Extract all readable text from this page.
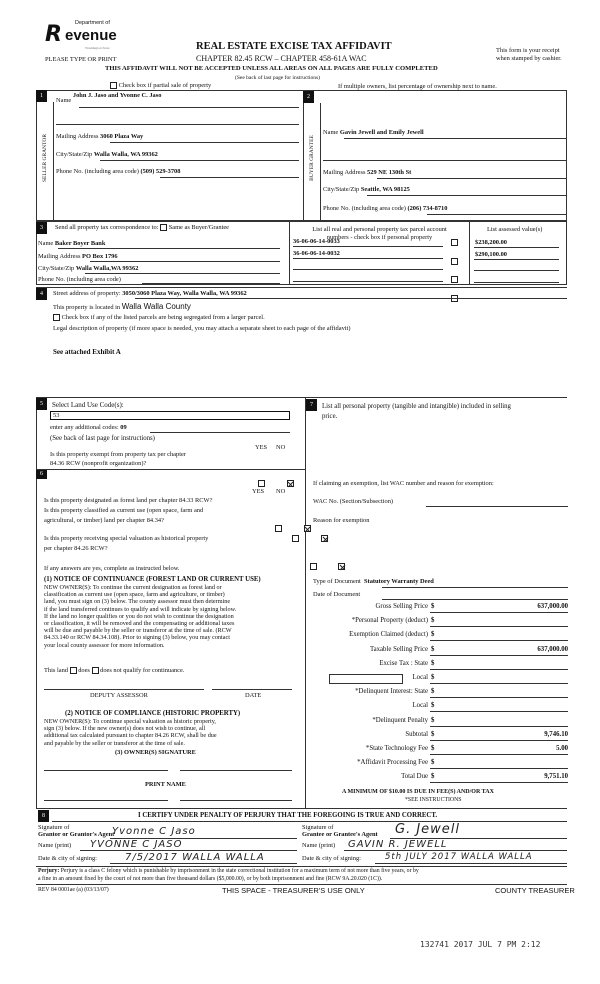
R Department of
evenue
Washington State
PLEASE TYPE OR PRINT
REAL ESTATE EXCISE TAX AFFIDAVIT
CHAPTER 82.45 RCW – CHAPTER 458-61A WAC
This form is your receipt
when stamped by cashier.
THIS AFFIDAVIT WILL NOT BE ACCEPTED UNLESS ALL AREAS ON ALL PAGES ARE FULLY COMPLETED
(See back of last page for instructions)
Check box if partial sale of property	If multiple owners, list percentage of ownership next to name.
1	2
SELLER GRANTOR	BUYER GRANTEE
Name John J. Jaso and Yvonne C. Jaso
Mailing Address 3060 Plaza Way
City/State/Zip Walla Walla, WA 99362
Phone No. (including area code) (509) 529-3708
Name Gavin Jewell and Emily Jewell
Mailing Address 529 NE 130th St
City/State/Zip Seattle, WA 98125
Phone No. (including area code) (206) 734-8710
3	Send all property tax correspondence to: Same as Buyer/Grantee
Name Baker Boyer Bank
Mailing Address PO Box 1796
City/State/Zip Walla Walla,WA 99362
Phone No. (including area code)
List all real and personal property tax parcel account
numbers - check box if personal property
List assessed value(s)
36-06-06-14-0033	$238,200.00
36-06-06-14-0032	$290,100.00
4	Street address of property: 3050/3060 Plaza Way, Walla Walla, WA 99362
This property is located in Walla Walla County
Check box if any of the listed parcels are being segregated from a larger parcel.
Legal description of property (if more space is needed, you may attach a separate sheet to each page of the affidavit)
See attached Exhibit A
5	Select Land Use Code(s):
53
enter any additional codes: 09
(See back of last page for instructions)
YES NO
Is this property exempt from property tax per chapter
84.36 RCW (nonprofit organization)?

6
YES NO
Is this property designated as forest land per chapter 84.33 RCW?

Is this property classified as current use (open space, farm and
agricultural, or timber) land per chapter 84.34?

Is this property receiving special valuation as historical property
per chapter 84.26 RCW?

If any answers are yes, complete as instructed below.
(1) NOTICE OF CONTINUANCE (FOREST LAND OR CURRENT USE)
NEW OWNER(S): To continue the current designation as forest land or
classification as current use (open space, farm and agriculture, or timber)
land, you must sign on (3) below. The county assessor must then determine
if the land transferred continues to qualify and will indicate by signing below.
If the land no longer qualifies or you do not wish to continue the designation
or classification, it will be removed and the compensating or additional taxes
will be due and payable by the seller or transferor at the time of sale. (RCW
84.33.140 or RCW 84.34.108). Prior to signing (3) below, you may contact
your local county assessor for more information.
This land does does not qualify for continuance.
DEPUTY ASSESSOR	DATE
(2) NOTICE OF COMPLIANCE (HISTORIC PROPERTY)
NEW OWNER(S): To continue special valuation as historic property,
sign (3) below. If the new owner(s) does not wish to continue, all
additional tax calculated pursuant to chapter 84.26 RCW, shall be due
and payable by the seller or transferor at the time of sale.
(3) OWNER(S) SIGNATURE
PRINT NAME
7	List all personal property (tangible and intangible) included in selling
price.
If claiming an exemption, list WAC number and reason for exemption:
WAC No. (Section/Subsection)
Reason for exemption
Type of Document Statutory Warranty Deed
Date of Document
Gross Selling Price $	637,000.00
*Personal Property (deduct) $
Exemption Claimed (deduct) $
Taxable Selling Price $	637,000.00
Excise Tax : State $
Local $
*Delinquent Interest: State $
Local $
*Delinquent Penalty $
Subtotal $	9,746.10
*State Technology Fee $	5.00
*Affidavit Processing Fee $
Total Due $	9,751.10
A MINIMUM OF $10.00 IS DUE IN FEE(S) AND/OR TAX
*SEE INSTRUCTIONS
8	I CERTIFY UNDER PENALTY OF PERJURY THAT THE FOREGOING IS TRUE AND CORRECT.
Signature of
Grantor or Grantor's Agent
Yvonne C Jaso
Name (print) YVONNE C JASO
Date & city of signing:	7/5/2017 WALLA WALLA
Signature of
Grantee or Grantee's Agent G. Jewell
Name (print) GAVIN R. JEWELL
Date & city of signing:	5th JULY 2017 WALLA WALLA
Perjury: Perjury is a class C felony which is punishable by imprisonment in the state correctional institution for a maximum term of not more than five years, or by
a fine in an amount fixed by the court of not more than five thousand dollars ($5,000.00), or by both imprisonment and fine (RCW 9A.20.020 (1C)).
REV 84 0001ae (a) (03/13/07)	THIS SPACE - TREASURER'S USE ONLY	COUNTY TREASURER
132741 2017 JUL 7 PM 2:12
